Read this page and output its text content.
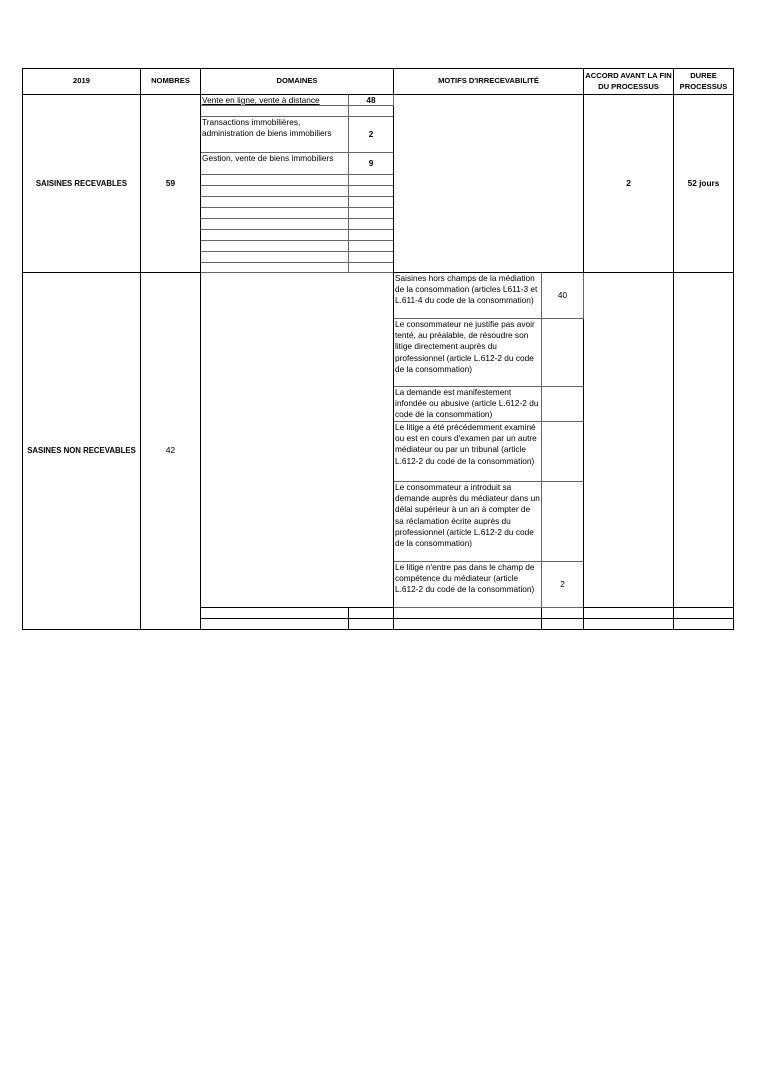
2019	NOMBRES	DOMAINES		MOTIFS D'IRRECEVABILITÉ		ACCORD AVANT LA FIN DU PROCESSUS	DUREE PROCESSUS
SAISINES RECEVABLES	59	Vente en ligne, vente à distance	48			2	52 jours

		Transactions immobilières, administration de biens immobiliers	2				
		Gestion, vente de biens immobiliers	9				

SASINES NON RECEVABLES	42			Saisines hors champs de la médiation de la consommation (articles L611-3 et L.611-4 du code de la consommation)	40		
				Le consommateur ne justifie pas avoir tenté, au préalable, de résoudre son litige directement auprès du professionnel (article L.612-2 du code de la consommation)			
				La demande est manifestement infondée ou abusive (article L.612-2 du code de la consommation)			
				Le litige a été précédemment examiné ou est en cours d'examen par un autre médiateur ou par un tribunal (article L.612-2 du code de la consommation)			
				Le consommateur a introduit sa demande auprès du médiateur dans un délai supérieur à un an à compter de sa réclamation écrite auprès du professionnel (article L.612-2 du code de la consommation)			
				Le litige n'entre pas dans le champ de compétence du médiateur (article L.612-2 du code de la consommation)	2		
